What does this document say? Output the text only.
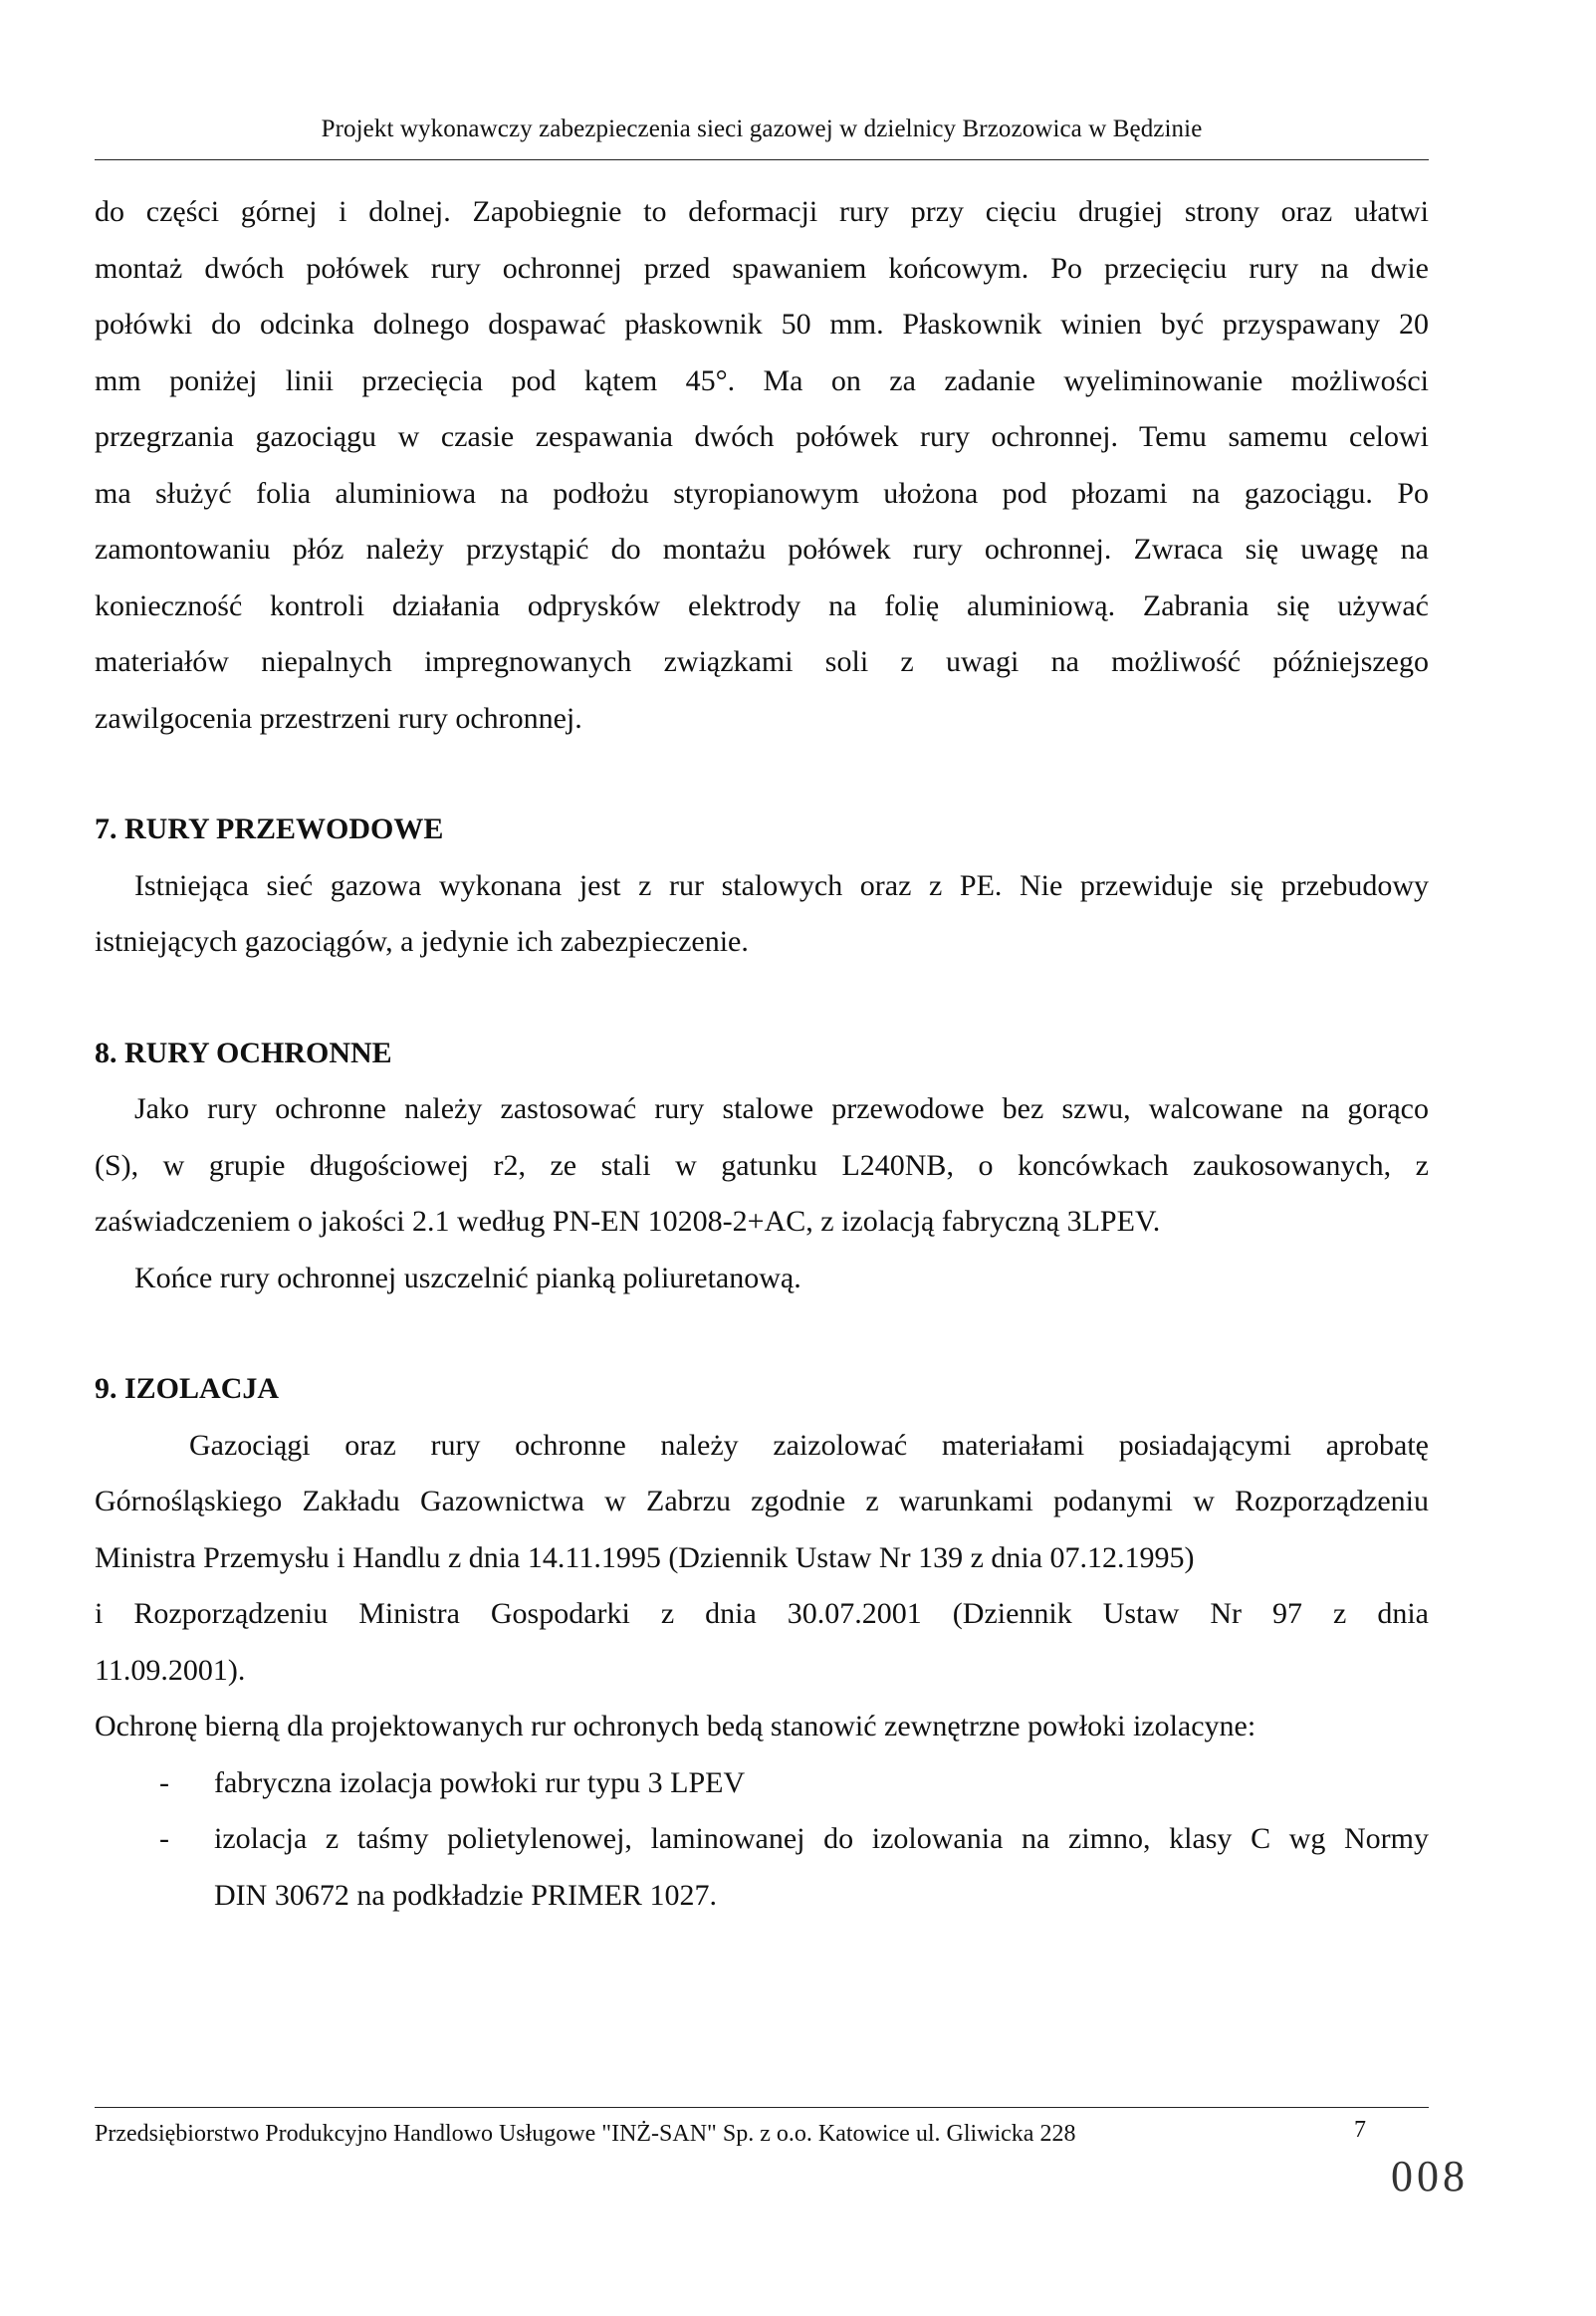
Projekt wykonawczy zabezpieczenia sieci gazowej w dzielnicy Brzozowica w Będzinie

do części górnej i dolnej. Zapobiegnie to deformacji rury przy cięciu drugiej strony oraz ułatwi
montaż dwóch połówek rury ochronnej przed spawaniem końcowym. Po przecięciu rury na dwie
połówki do odcinka dolnego dospawać płaskownik 50 mm. Płaskownik winien być przyspawany 20
mm poniżej linii przecięcia pod kątem 45°. Ma on za zadanie wyeliminowanie możliwości
przegrzania gazociągu w czasie zespawania dwóch połówek rury ochronnej. Temu samemu celowi
ma służyć folia aluminiowa na podłożu styropianowym ułożona pod płozami na gazociągu. Po
zamontowaniu płóz należy przystąpić do montażu połówek rury ochronnej. Zwraca się uwagę na
konieczność kontroli działania odprysków elektrody na folię aluminiową. Zabrania się używać
materiałów niepalnych impregnowanych związkami soli z uwagi na możliwość późniejszego
zawilgocenia przestrzeni rury ochronnej.

7. RURY PRZEWODOWE

Istniejąca sieć gazowa wykonana jest z rur stalowych oraz z PE. Nie przewiduje się przebudowy
istniejących gazociągów, a jedynie ich zabezpieczenie.

8. RURY OCHRONNE

Jako rury ochronne należy zastosować rury stalowe przewodowe bez szwu, walcowane na gorąco
(S), w grupie długościowej r2, ze stali w gatunku L240NB, o koncówkach zaukosowanych, z
zaświadczeniem o jakości 2.1 według PN-EN 10208-2+AC, z izolacją fabryczną 3LPEV.
Końce rury ochronnej uszczelnić pianką poliuretanową.

9. IZOLACJA

Gazociągi oraz rury ochronne należy zaizolować materiałami posiadającymi aprobatę
Górnośląskiego Zakładu Gazownictwa w Zabrzu zgodnie z warunkami podanymi w Rozporządzeniu
Ministra Przemysłu i Handlu z dnia 14.11.1995 (Dziennik Ustaw Nr 139 z dnia 07.12.1995)

i Rozporządzeniu Ministra Gospodarki z dnia 30.07.2001 (Dziennik Ustaw Nr 97 z dnia
11.09.2001).

Ochronę bierną dla projektowanych rur ochronych bedą stanowić zewnętrzne powłoki izolacyne:

- fabryczna izolacja powłoki rur typu 3 LPEV
- izolacja z taśmy polietylenowej, laminowanej do izolowania na zimno, klasy C wg Normy
DIN 30672 na podkładzie PRIMER 1027.
Przedsiębiorstwo Produkcyjno Handlowo Usługowe "INŻ-SAN" Sp. z o.o. Katowice ul. Gliwicka 228	7
008
